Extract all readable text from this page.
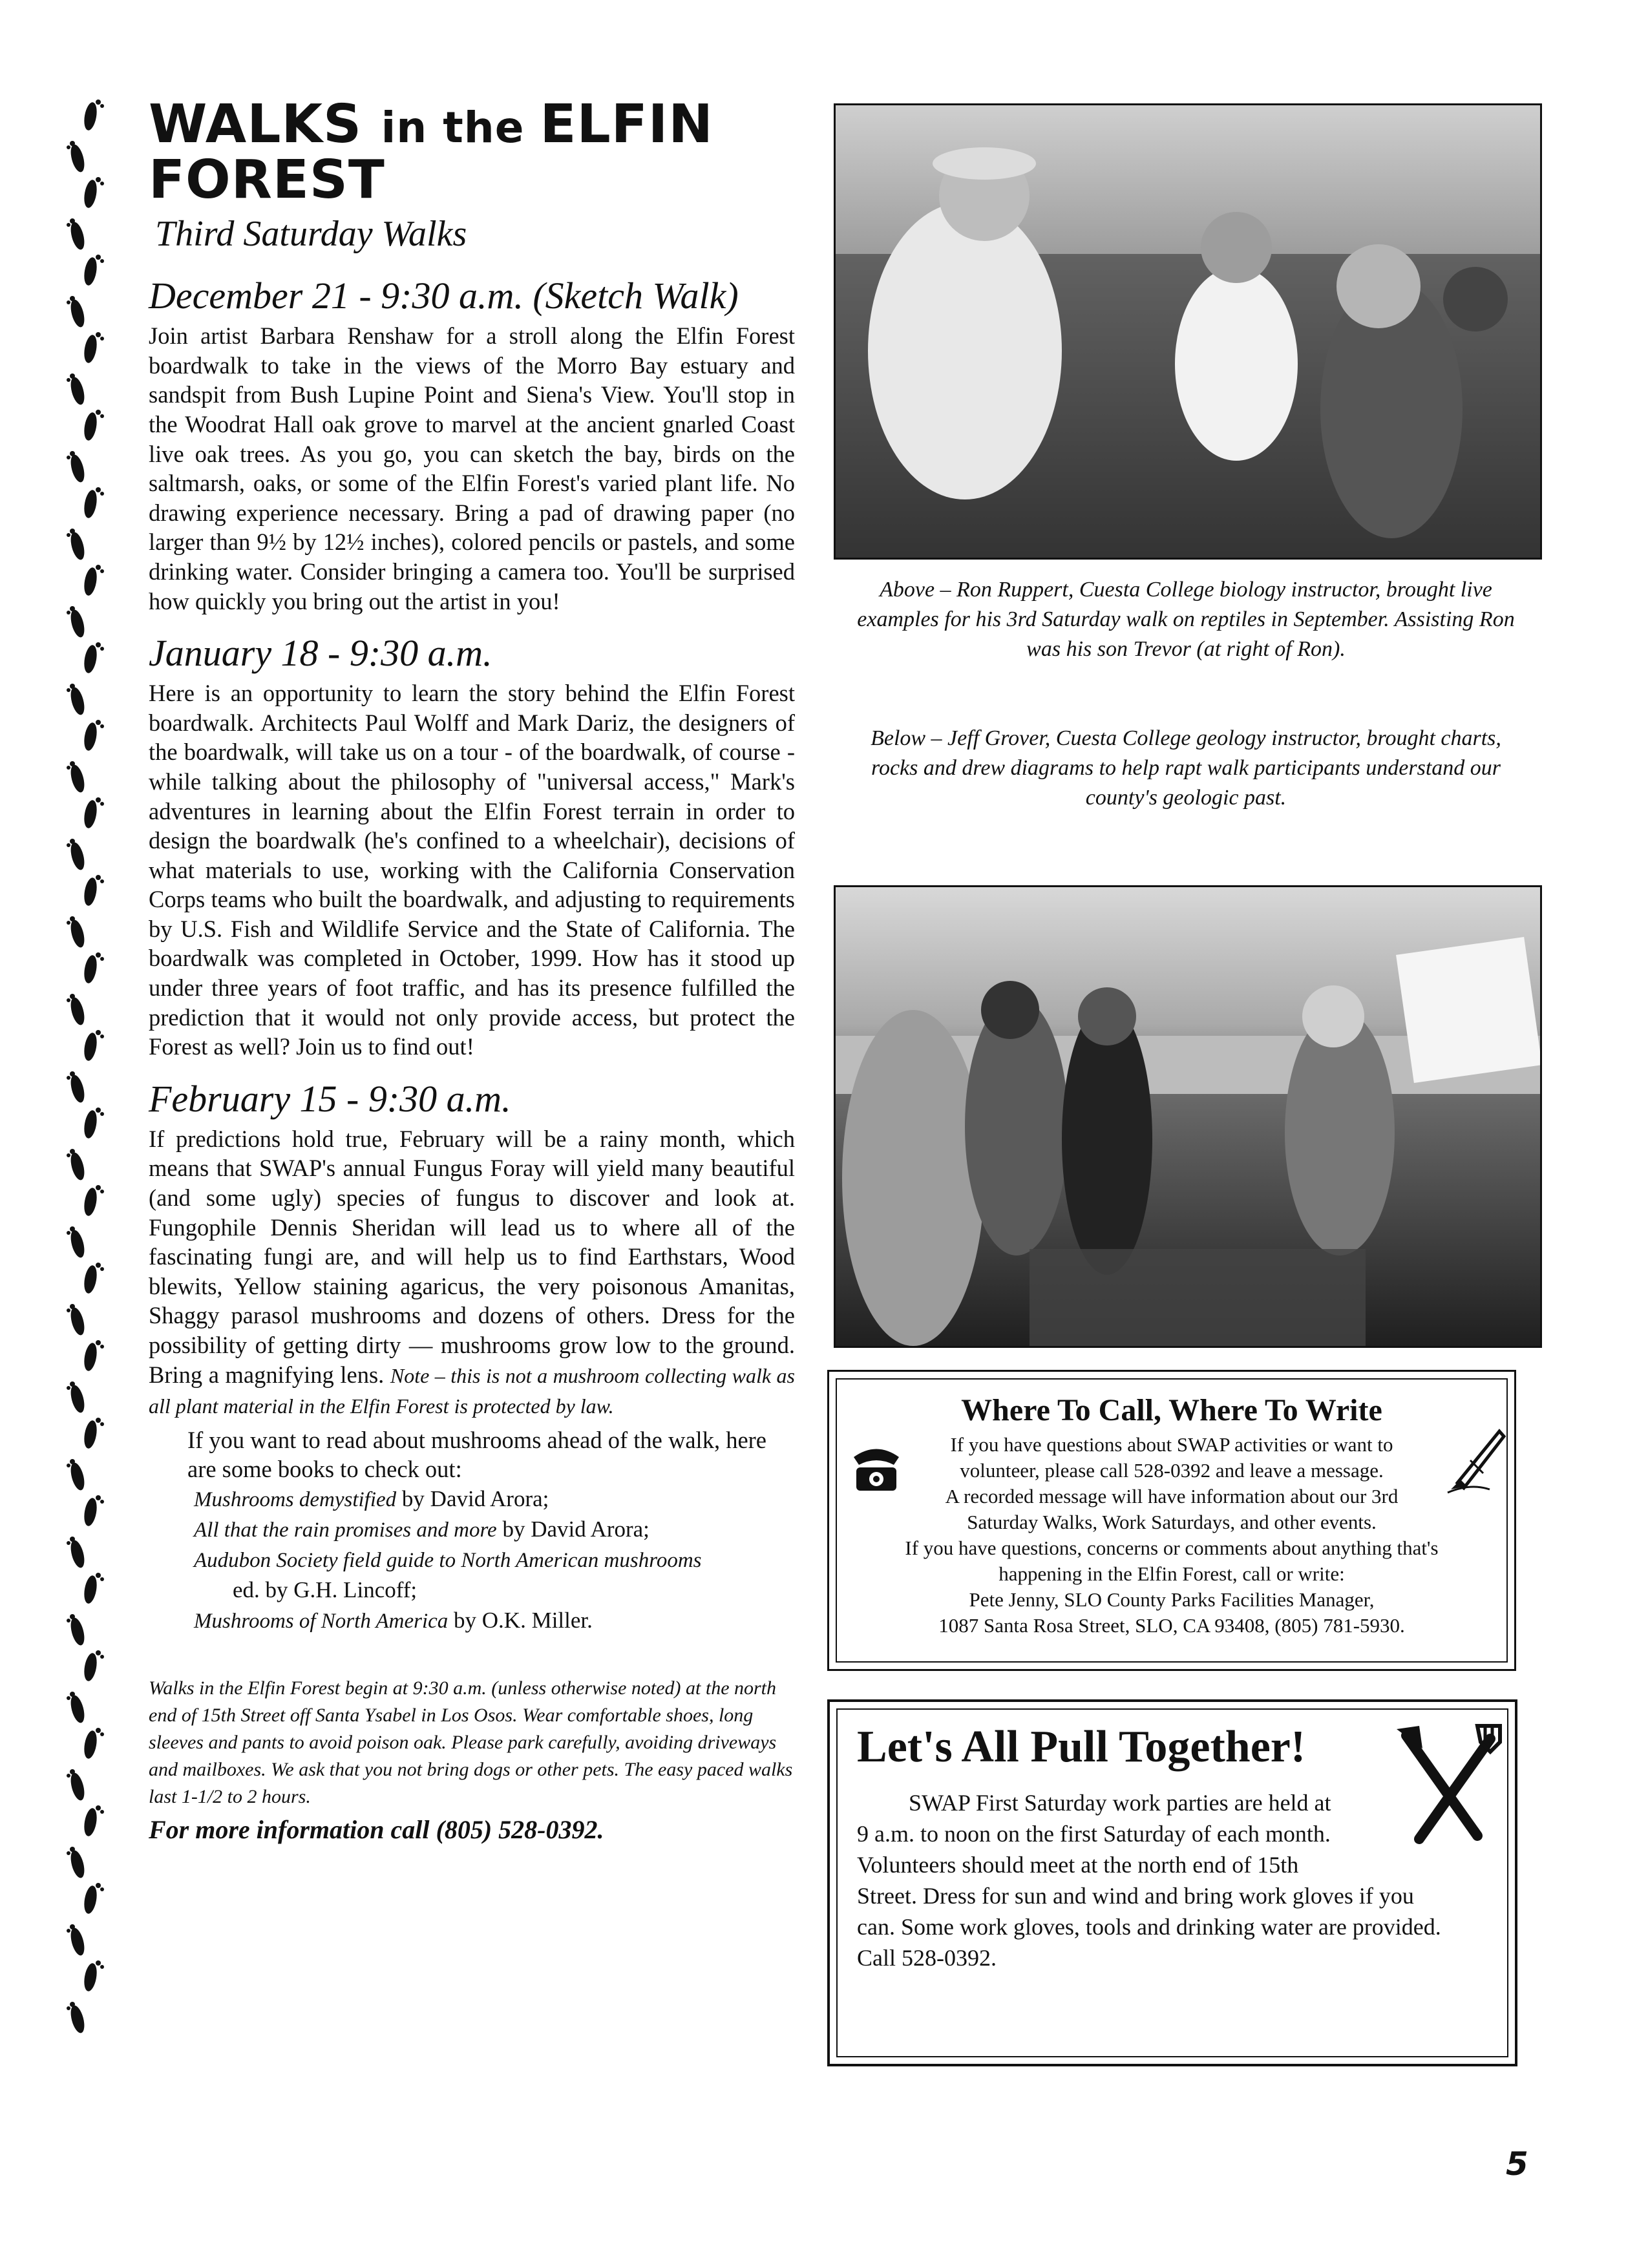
WALKS in the ELFIN FOREST
Third Saturday Walks
December 21 - 9:30 a.m. (Sketch Walk)

Join artist Barbara Renshaw for a stroll along the Elfin Forest boardwalk to take in the views of the Morro Bay estuary and sandspit from Bush Lupine Point and Siena's View. You'll stop in the Woodrat Hall oak grove to marvel at the ancient gnarled Coast live oak trees. As you go, you can sketch the bay, birds on the saltmarsh, oaks, or some of the Elfin Forest's varied plant life. No drawing experience necessary. Bring a pad of drawing paper (no larger than 9½ by 12½ inches), colored pencils or pastels, and some drinking water. Consider bringing a camera too. You'll be surprised how quickly you bring out the artist in you!

January 18 - 9:30 a.m.

Here is an opportunity to learn the story behind the Elfin Forest boardwalk. Architects Paul Wolff and Mark Dariz, the designers of the boardwalk, will take us on a tour - of the boardwalk, of course - while talking about the philosophy of "universal access," Mark's adventures in learning about the Elfin Forest terrain in order to design the boardwalk (he's confined to a wheelchair), decisions of what materials to use, working with the California Conservation Corps teams who built the boardwalk, and adjusting to requirements by U.S. Fish and Wildlife Service and the State of California. The boardwalk was completed in October, 1999. How has it stood up under three years of foot traffic, and has its presence fulfilled the prediction that it would not only provide access, but protect the Forest as well? Join us to find out!

February 15 - 9:30 a.m.

If predictions hold true, February will be a rainy month, which means that SWAP's annual Fungus Foray will yield many beautiful (and some ugly) species of fungus to discover and look at. Fungophile Dennis Sheridan will lead us to where all of the fascinating fungi are, and will help us to find Earthstars, Wood blewits, Yellow staining agaricus, the very poisonous Amanitas, Shaggy parasol mushrooms and dozens of others. Dress for the possibility of getting dirty — mushrooms grow low to the ground. Bring a magnifying lens. Note – this is not a mushroom collecting walk as all plant material in the Elfin Forest is protected by law.

If you want to read about mushrooms ahead of the walk, here are some books to check out:

Mushrooms demystified by David Arora;

All that the rain promises and more by David Arora;

Audubon Society field guide to North American mushrooms

ed. by G.H. Lincoff;

Mushrooms of North America by O.K. Miller.

Walks in the Elfin Forest begin at 9:30 a.m. (unless otherwise noted) at the north end of 15th Street off Santa Ysabel in Los Osos. Wear comfortable shoes, long sleeves and pants to avoid poison oak. Please park carefully, avoiding driveways and mailboxes. We ask that you not bring dogs or other pets. The easy paced walks last 1-1/2 to 2 hours.

For more information call (805) 528-0392.

Above – Ron Ruppert, Cuesta College biology instructor, brought live examples for his 3rd Saturday walk on reptiles in September. Assisting Ron was his son Trevor (at right of Ron).
Below – Jeff Grover, Cuesta College geology instructor, brought charts, rocks and drew diagrams to help rapt walk participants understand our county's geologic past.
Where To Call, Where To Write

If you have questions about SWAP activities or want to

volunteer, please call 528-0392 and leave a message.

A recorded message will have information about our 3rd

Saturday Walks, Work Saturdays, and other events.

If you have questions, concerns or comments about anything that's

happening in the Elfin Forest, call or write:

Pete Jenny, SLO County Parks Facilities Manager,

1087 Santa Rosa Street, SLO, CA 93408, (805) 781-5930.

Let's All Pull Together!

SWAP First Saturday work parties are held at

9 a.m. to noon on the first Saturday of each month.

Volunteers should meet at the north end of 15th

Street. Dress for sun and wind and bring work gloves if you

can. Some work gloves, tools and drinking water are provided.

Call 528-0392.

5
